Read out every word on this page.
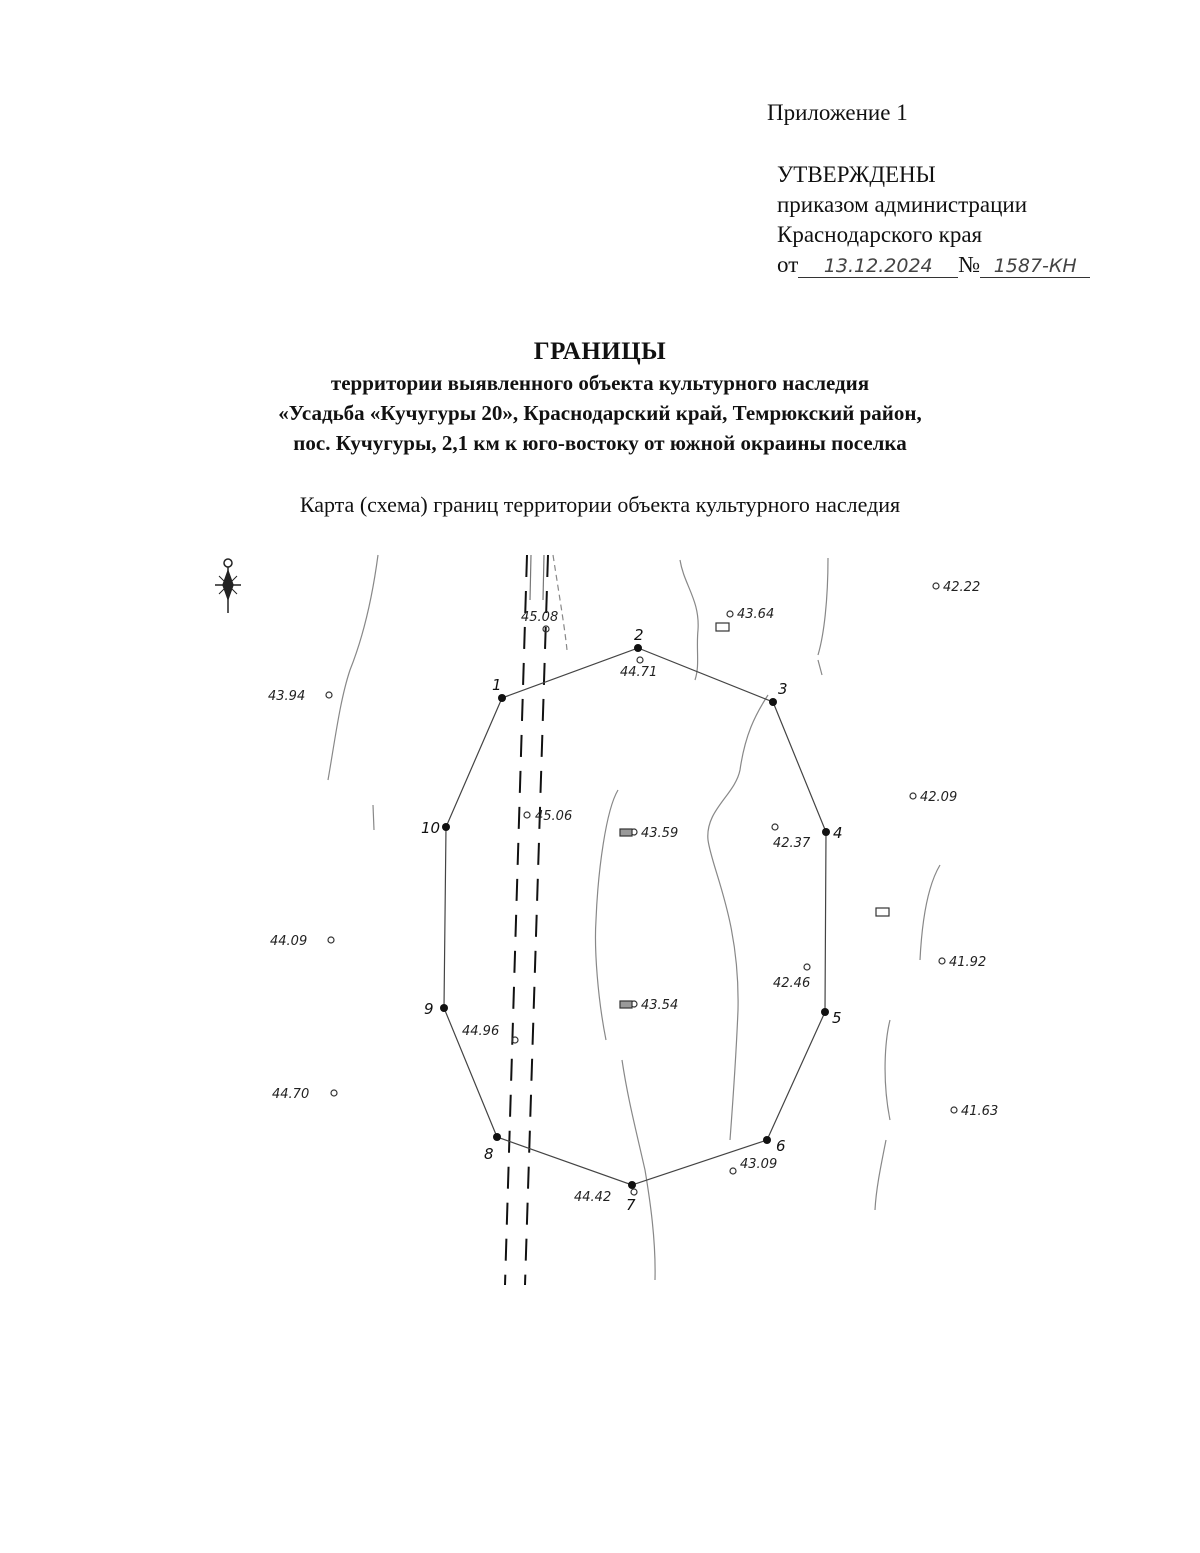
Приложение 1
УТВЕРЖДЕНЫ
приказом администрации
Краснодарского края
от 13.12.2024 № 1587-КН
ГРАНИЦЫ
территории выявленного объекта культурного наследия
«Усадьба «Кучугуры 20», Краснодарский край, Темрюкский район,
пос. Кучугуры, 2,1 км к юго-востоку от южной окраины поселка
Карта (схема) границ территории объекта культурного наследия
1
2
3
4
5
6
7
8
9
10
45.08
44.71
43.64
42.22
43.94
45.06
43.59
42.37
42.09
44.09
42.46
41.92
43.54
44.96
44.70
41.63
43.09
44.42
